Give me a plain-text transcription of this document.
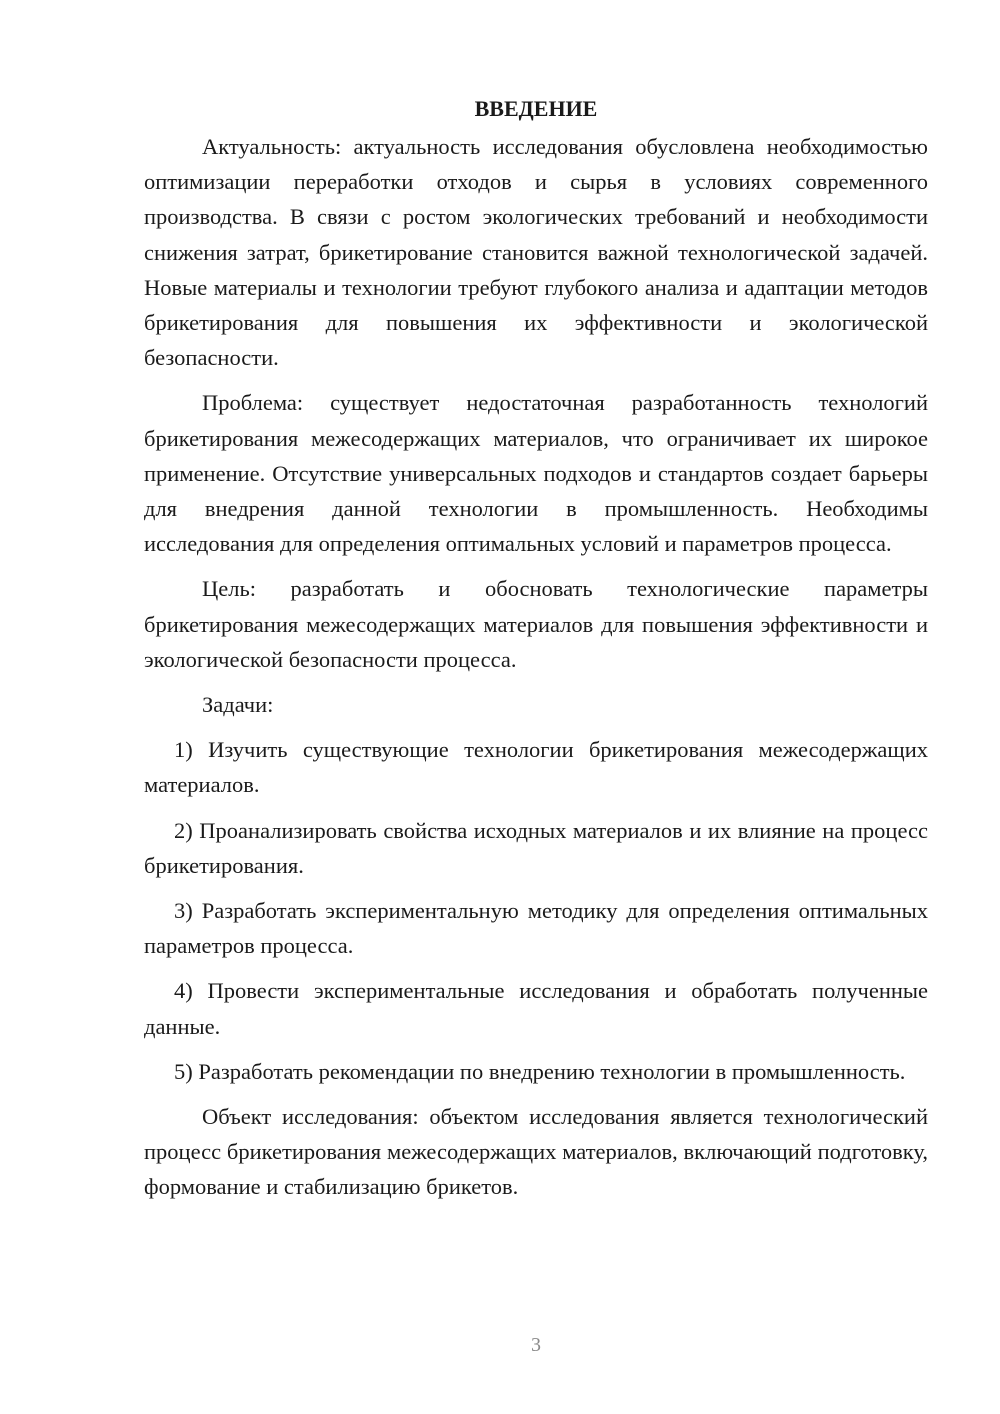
ВВЕДЕНИЕ

Актуальность: актуальность исследования обусловлена необходимостью оптимизации переработки отходов и сырья в условиях современного производства. В связи с ростом экологических требований и необходимости снижения затрат, брикетирование становится важной технологической задачей. Новые материалы и технологии требуют глубокого анализа и адаптации методов брикетирования для повышения их эффективности и экологической безопасности.

Проблема: существует недостаточная разработанность технологий брикетирования межесодержащих материалов, что ограничивает их широкое применение. Отсутствие универсальных подходов и стандартов создает барьеры для внедрения данной технологии в промышленность. Необходимы исследования для определения оптимальных условий и параметров процесса.

Цель: разработать и обосновать технологические параметры брикетирования межесодержащих материалов для повышения эффективности и экологической безопасности процесса.

Задачи:

1) Изучить существующие технологии брикетирования межесодержащих материалов.

2) Проанализировать свойства исходных материалов и их влияние на процесс брикетирования.

3) Разработать экспериментальную методику для определения оптимальных параметров процесса.

4) Провести экспериментальные исследования и обработать полученные данные.

5) Разработать рекомендации по внедрению технологии в промышленность.

Объект исследования: объектом исследования является технологический процесс брикетирования межесодержащих материалов, включающий подготовку, формование и стабилизацию брикетов.

3
